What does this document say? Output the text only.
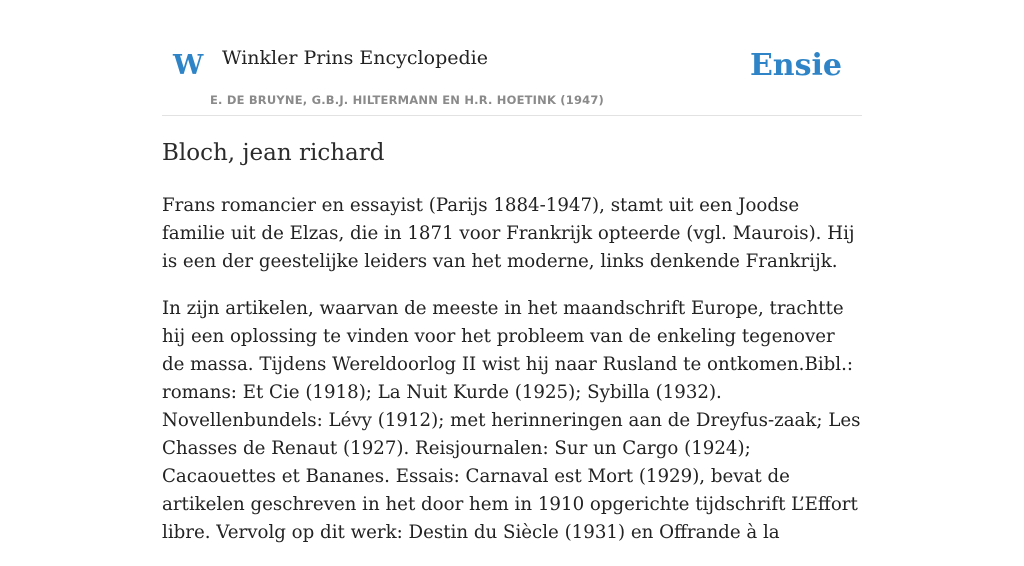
W Winkler Prins Encyclopedie
E. DE BRUYNE, G.B.J. HILTERMANN EN H.R. HOETINK (1947)
Ensie
Bloch, jean richard

Frans romancier en essayist (Parijs 1884-1947), stamt uit een Joodse familie uit de Elzas, die in 1871 voor Frankrijk opteerde (vgl. Maurois). Hij is een der geestelijke leiders van het moderne, links denkende Frankrijk.

In zijn artikelen, waarvan de meeste in het maandschrift Europe, trachtte hij een oplossing te vinden voor het probleem van de enkeling tegenover de massa. Tijdens Wereldoorlog II wist hij naar Rusland te ontkomen.Bibl.: romans: Et Cie (1918); La Nuit Kurde (1925); Sybilla (1932). Novellenbundels: Lévy (1912); met herinneringen aan de Dreyfus-zaak; Les Chasses de Renaut (1927). Reisjournalen: Sur un Cargo (1924); Cacaouettes et Bananes. Essais: Carnaval est Mort (1929), bevat de artikelen geschreven in het door hem in 1910 opgerichte tijdschrift L’Effort libre. Vervolg op dit werk: Destin du Siècle (1931) en Offrande à la
